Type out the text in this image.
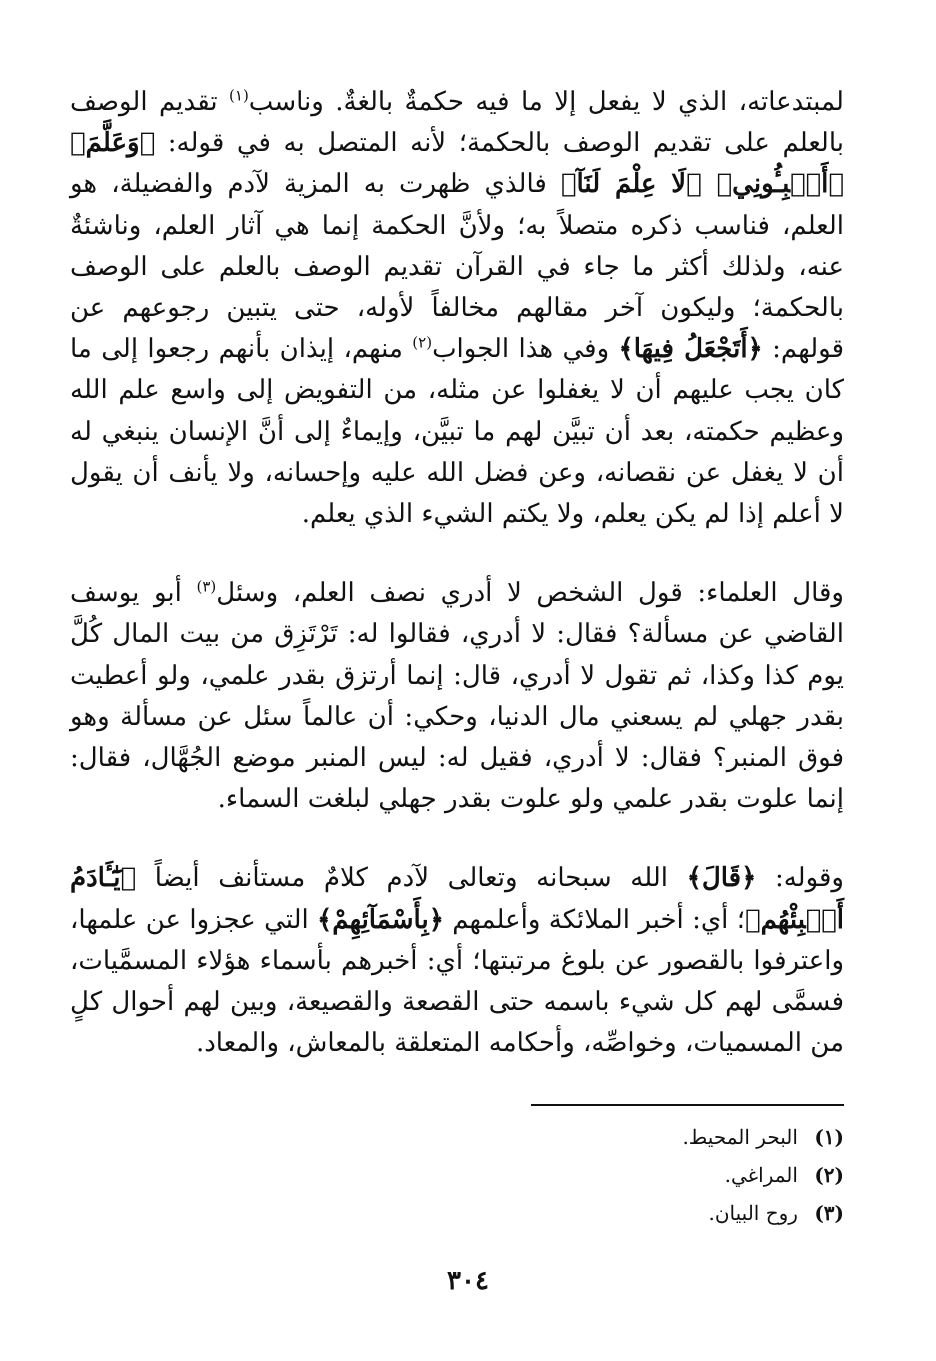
لمبتدعاته، الذي لا يفعل إلا ما فيه حكمةٌ بالغةٌ. وناسب$^{(١)}$ تقديم الوصف بالعلم على تقديم الوصف بالحكمة؛ لأنه المتصل به في قوله: ﴿وَعَلَّمَ﴾ ﴿أَنۢبِـُٔونِي﴾ ﴿لَا عِلْمَ لَنَآ﴾ فالذي ظهرت به المزية لآدم والفضيلة، هو العلم، فناسب ذكره متصلاً به؛ ولأنَّ الحكمة إنما هي آثار العلم، وناشئةٌ عنه، ولذلك أكثر ما جاء في القرآن تقديم الوصف بالعلم على الوصف بالحكمة؛ وليكون آخر مقالهم مخالفاً لأوله، حتى يتبين رجوعهم عن قولهم: ﴿أَتَجْعَلُ فِيهَا﴾ وفي هذا الجواب$^{(٢)}$ منهم، إيذان بأنهم رجعوا إلى ما كان يجب عليهم أن لا يغفلوا عن مثله، من التفويض إلى واسع علم الله وعظيم حكمته، بعد أن تبيَّن لهم ما تبيَّن، وإيماءٌ إلى أنَّ الإنسان ينبغي له أن لا يغفل عن نقصانه، وعن فضل الله عليه وإحسانه، ولا يأنف أن يقول لا أعلم إذا لم يكن يعلم، ولا يكتم الشيء الذي يعلم.

وقال العلماء: قول الشخص لا أدري نصف العلم، وسئل$^{(٣)}$ أبو يوسف القاضي عن مسألة؟ فقال: لا أدري، فقالوا له: تَرْتَزِق من بيت المال كُلَّ يوم كذا وكذا، ثم تقول لا أدري، قال: إنما أرتزق بقدر علمي، ولو أعطيت بقدر جهلي لم يسعني مال الدنيا، وحكي: أن عالماً سئل عن مسألة وهو فوق المنبر؟ فقال: لا أدري، فقيل له: ليس المنبر موضع الجُهَّال، فقال: إنما علوت بقدر علمي ولو علوت بقدر جهلي لبلغت السماء.

وقوله: ﴿قَالَ﴾ الله سبحانه وتعالى لآدم كلامٌ مستأنف أيضاً ﴿يَٰٓـَٔادَمُ أَنۢبِئْهُم﴾؛ أي: أخبر الملائكة وأعلمهم ﴿بِأَسْمَآئِهِمْ﴾ التي عجزوا عن علمها، واعترفوا بالقصور عن بلوغ مرتبتها؛ أي: أخبرهم بأسماء هؤلاء المسمَّيات، فسمَّى لهم كل شيء باسمه حتى القصعة والقصيعة، وبين لهم أحوال كلٍ من المسميات، وخواصِّه، وأحكامه المتعلقة بالمعاش، والمعاد.

(١) البحر المحيط.
(٢) المراغي.
(٣) روح البيان.
٣٠٤
